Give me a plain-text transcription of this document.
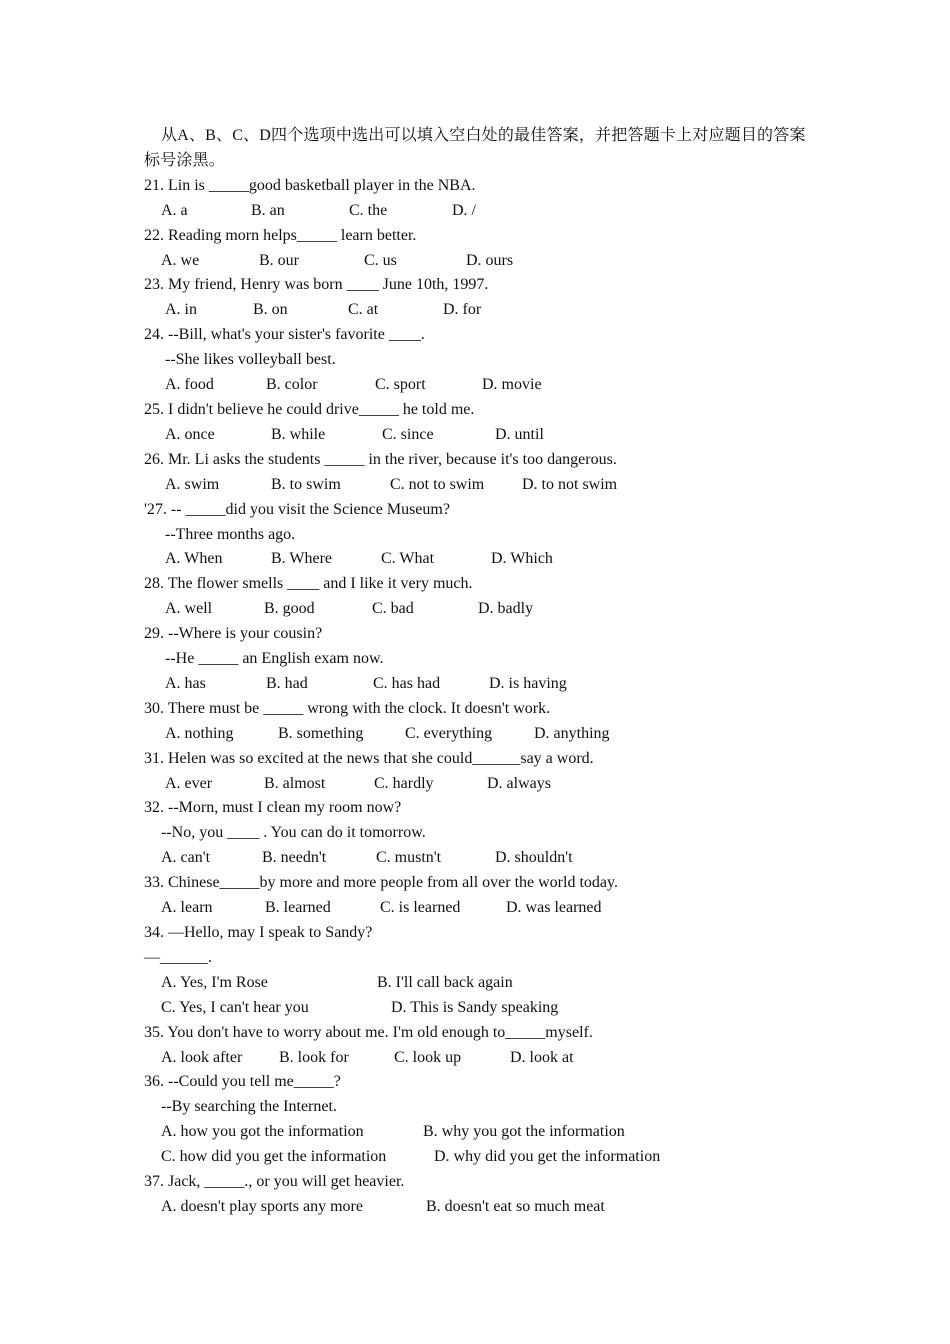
从A、B、C、D四个选项中选出可以填入空白处的最佳答案，并把答题卡上对应题目的答案标号涂黑。
21. Lin is _____good basketball player in the NBA.
A. a	B. an	C. the	D. /
22. Reading morn helps_____ learn better.
A. we	B. our	C. us	D. ours
23. My friend, Henry was born ____ June 10th, 1997.
A. in	B. on	C. at	D. for
24. --Bill, what's your sister's favorite ____.
--She likes volleyball best.
A. food	B. color	C. sport	D. movie
25. I didn't believe he could drive_____ he told me.
A. once	B. while	C. since	D. until
26. Mr. Li asks the students _____ in the river, because it's too dangerous.
A. swim	B. to swim	C. not to swim	D. to not swim
'27. -- _____did you visit the Science Museum?
--Three months ago.
A. When	B. Where	C. What	D. Which
28. The flower smells ____ and I like it very much.
A. well	B. good	C. bad	D. badly
29. --Where is your cousin?
--He _____ an English exam now.
A. has	B. had	C. has had	D. is having
30. There must be _____ wrong with the clock. It doesn't work.
A. nothing	B. something	C. everything	D. anything
31. Helen was so excited at the news that she could______say a word.
A. ever	B. almost	C. hardly	D. always
32. --Morn, must I clean my room now?
--No, you ____ . You can do it tomorrow.
A. can't	B. needn't	C. mustn't	D. shouldn't
33. Chinese_____by more and more people from all over the world today.
A. learn	B. learned	C. is learned	D. was learned
34. —Hello, may I speak to Sandy?
—______.
A. Yes, I'm Rose	B. I'll call back again
C. Yes, I can't hear you	D. This is Sandy speaking
35. You don't have to worry about me. I'm old enough to_____myself.
A. look after	B. look for	C. look up	D. look at
36. --Could you tell me_____?
--By searching the Internet.
A. how you got the information	B. why you got the information
C. how did you get the information	D. why did you get the information
37. Jack, _____., or you will get heavier.
A. doesn't play sports any more	B. doesn't eat so much meat
